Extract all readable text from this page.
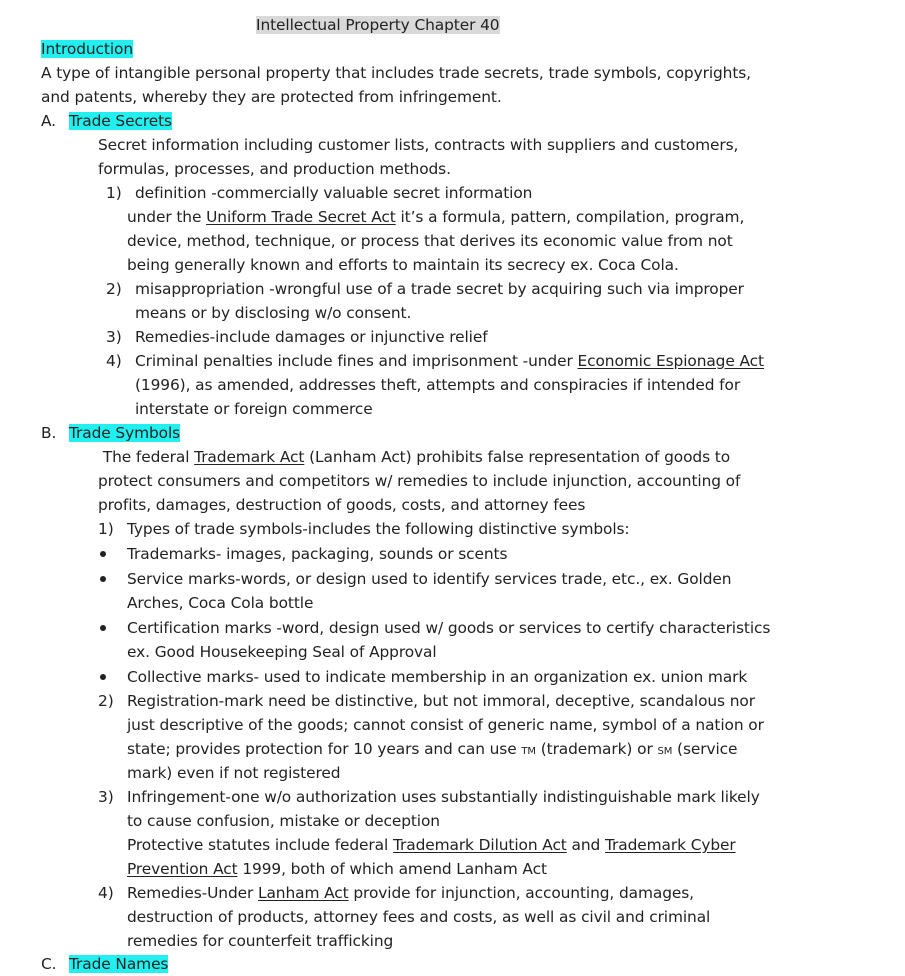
Intellectual Property Chapter 40
Introduction
A type of intangible personal property that includes trade secrets, trade symbols, copyrights,
and patents, whereby they are protected from infringement.
A. Trade Secrets
Secret information including customer lists, contracts with suppliers and customers,
formulas, processes, and production methods.
1) definition -commercially valuable secret information
under the Uniform Trade Secret Act it’s a formula, pattern, compilation, program,
device, method, technique, or process that derives its economic value from not
being generally known and efforts to maintain its secrecy ex. Coca Cola.
2) misappropriation -wrongful use of a trade secret by acquiring such via improper
means or by disclosing w/o consent.
3) Remedies-include damages or injunctive relief
4) Criminal penalties include fines and imprisonment -under Economic Espionage Act
(1996), as amended, addresses theft, attempts and conspiracies if intended for
interstate or foreign commerce
B. Trade Symbols
The federal Trademark Act (Lanham Act) prohibits false representation of goods to
protect consumers and competitors w/ remedies to include injunction, accounting of
profits, damages, destruction of goods, costs, and attorney fees
1) Types of trade symbols-includes the following distinctive symbols:
Trademarks- images, packaging, sounds or scents
Service marks-words, or design used to identify services trade, etc., ex. Golden
Arches, Coca Cola bottle
Certification marks -word, design used w/ goods or services to certify characteristics
ex. Good Housekeeping Seal of Approval
Collective marks- used to indicate membership in an organization ex. union mark
2) Registration-mark need be distinctive, but not immoral, deceptive, scandalous nor
just descriptive of the goods; cannot consist of generic name, symbol of a nation or
state; provides protection for 10 years and can use TM (trademark) or SM (service
mark) even if not registered
3) Infringement-one w/o authorization uses substantially indistinguishable mark likely
to cause confusion, mistake or deception
Protective statutes include federal Trademark Dilution Act and Trademark Cyber
Prevention Act 1999, both of which amend Lanham Act
4) Remedies-Under Lanham Act provide for injunction, accounting, damages,
destruction of products, attorney fees and costs, as well as civil and criminal
remedies for counterfeit trafficking
C. Trade Names
